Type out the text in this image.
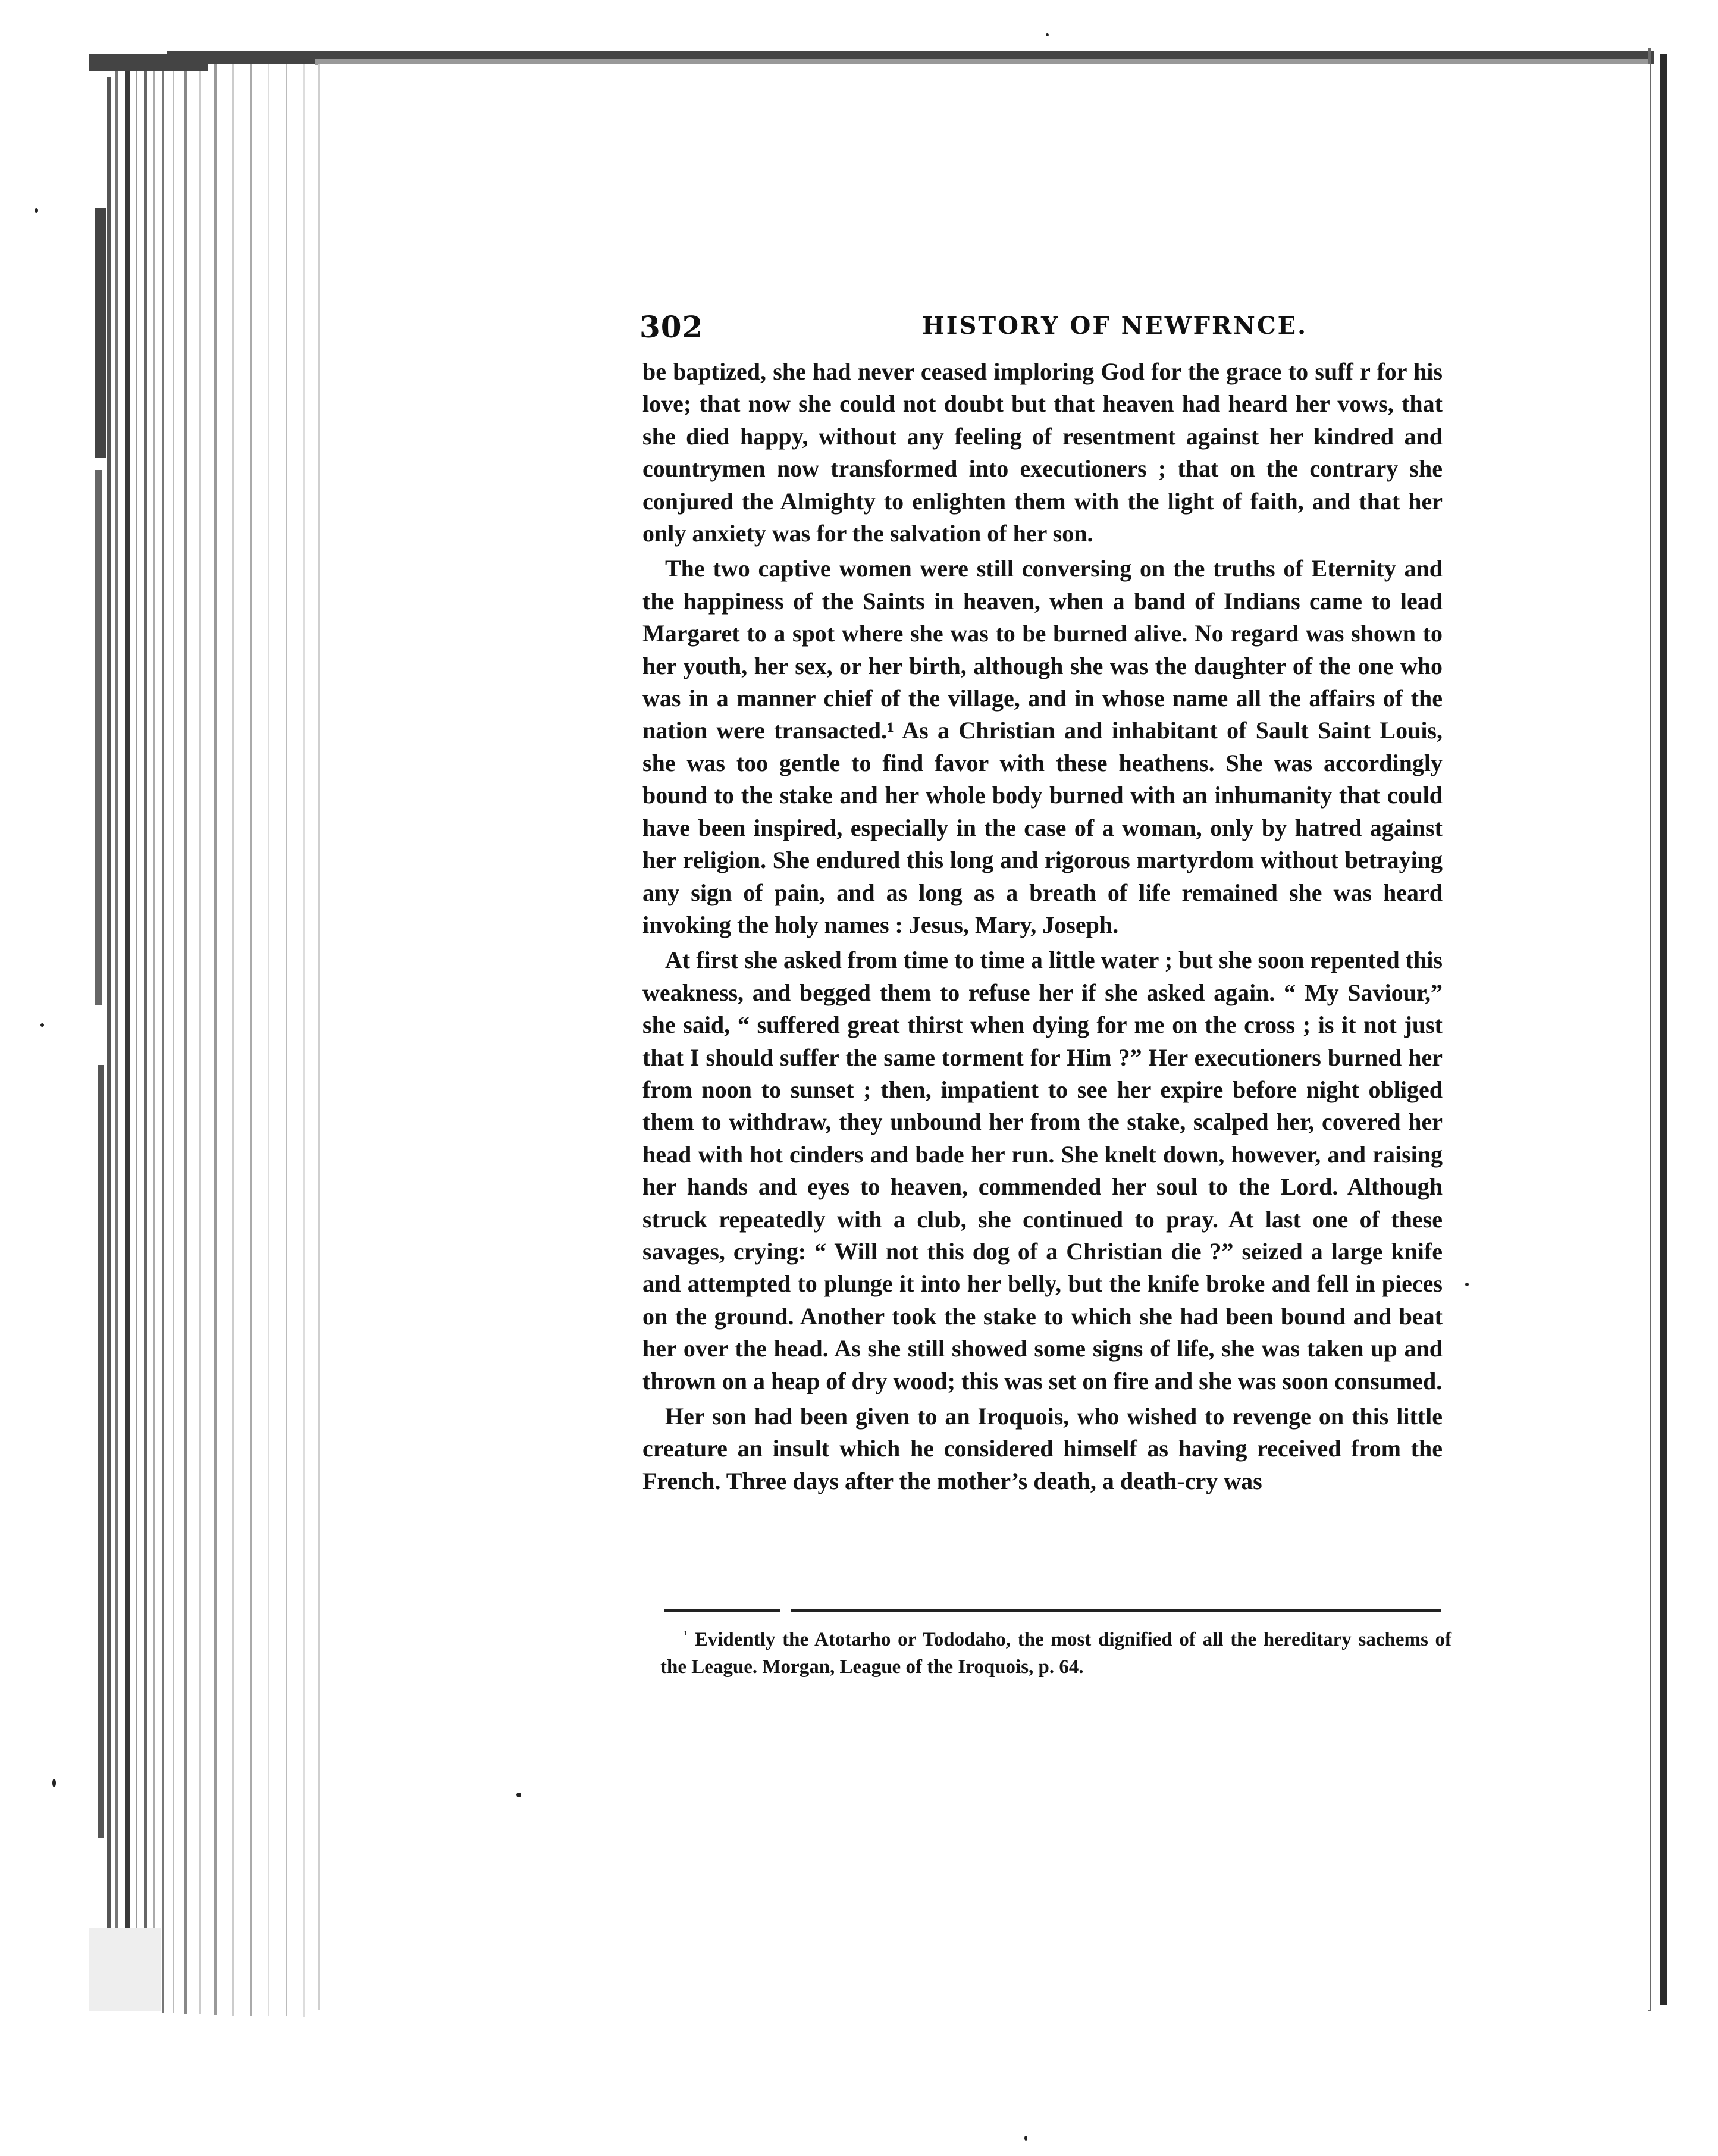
302	HISTORY OF NEWFRNCE.

be baptized, she had never ceased imploring God for the grace to suff r for his love; that now she could not doubt but that heaven had heard her vows, that she died happy, without any feeling of resentment against her kindred and countrymen now transformed into executioners ; that on the contrary she conjured the Almighty to enlighten them with the light of faith, and that her only anxiety was for the salvation of her son.

The two captive women were still conversing on the truths of Eternity and the happiness of the Saints in heaven, when a band of Indians came to lead Margaret to a spot where she was to be burned alive. No regard was shown to her youth, her sex, or her birth, although she was the daughter of the one who was in a manner chief of the village, and in whose name all the affairs of the nation were transacted.¹ As a Christian and inhabitant of Sault Saint Louis, she was too gentle to find favor with these heathens. She was accordingly bound to the stake and her whole body burned with an inhumanity that could have been inspired, especially in the case of a woman, only by hatred against her religion. She endured this long and rigorous martyrdom without betraying any sign of pain, and as long as a breath of life remained she was heard invoking the holy names : Jesus, Mary, Joseph.

At first she asked from time to time a little water ; but she soon repented this weakness, and begged them to refuse her if she asked again. “ My Saviour,” she said, “ suffered great thirst when dying for me on the cross ; is it not just that I should suffer the same torment for Him ?” Her executioners burned her from noon to sunset ; then, impatient to see her expire before night obliged them to withdraw, they unbound her from the stake, scalped her, covered her head with hot cinders and bade her run. She knelt down, however, and raising her hands and eyes to heaven, commended her soul to the Lord. Although struck repeatedly with a club, she continued to pray. At last one of these savages, crying: “ Will not this dog of a Christian die ?” seized a large knife and attempted to plunge it into her belly, but the knife broke and fell in pieces on the ground. Another took the stake to which she had been bound and beat her over the head. As she still showed some signs of life, she was taken up and thrown on a heap of dry wood; this was set on fire and she was soon consumed.

Her son had been given to an Iroquois, who wished to revenge on this little creature an insult which he considered himself as having received from the French. Three days after the mother’s death, a death-cry was

$^{^1}$ Evidently the Atotarho or Tododaho, the most dignified of all the hereditary sachems of the League. Morgan, League of the Iroquois, p. 64.
